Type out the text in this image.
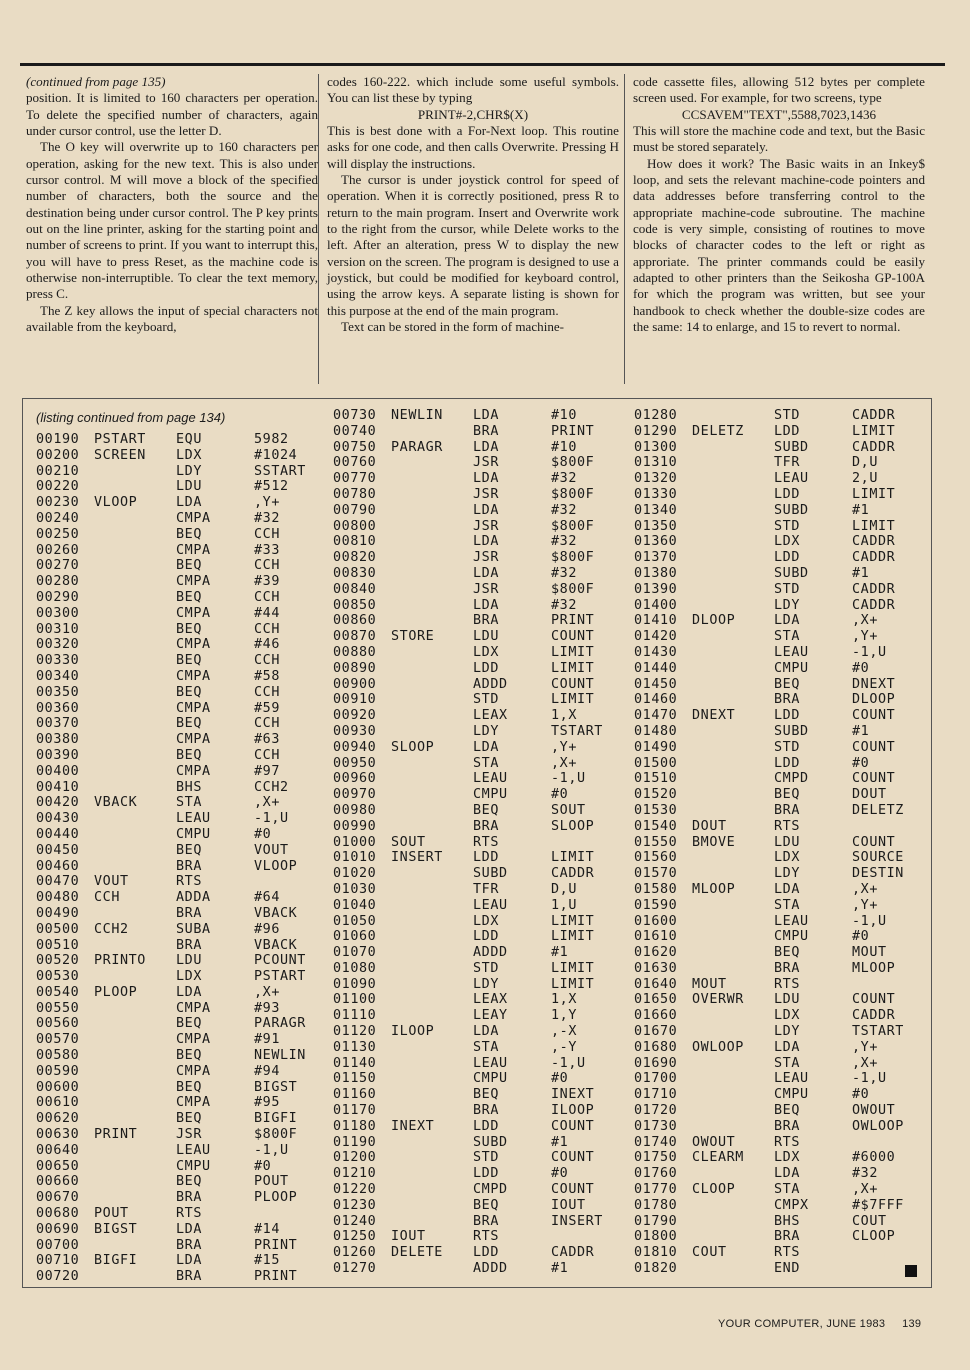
(continued from page 135)

position. It is limited to 160 characters per operation. To delete the specified number of characters, again under cursor control, use the letter D.

The O key will overwrite up to 160 characters per operation, asking for the new text. This is also under cursor control. M will move a block of the specified number of characters, both the source and the destination being under cursor control. The P key prints out on the line printer, asking for the starting point and number of screens to print. If you want to interrupt this, you will have to press Reset, as the machine code is otherwise non-interruptible. To clear the text memory, press C.

The Z key allows the input of special characters not available from the keyboard,

codes 160-222. which include some useful symbols. You can list these by typing

PRINT#-2,CHR$(X)

This is best done with a For-Next loop. This routine asks for one code, and then calls Overwrite. Pressing H will display the instructions.

The cursor is under joystick control for speed of operation. When it is correctly positioned, press R to return to the main program. Insert and Overwrite work to the right from the cursor, while Delete works to the left. After an alteration, press W to display the new version on the screen. The program is designed to use a joystick, but could be modified for keyboard control, using the arrow keys. A separate listing is shown for this purpose at the end of the main program.

Text can be stored in the form of machine-

code cassette files, allowing 512 bytes per complete screen used. For example, for two screens, type

CCSAVEM"TEXT",5588,7023,1436

This will store the machine code and text, but the Basic must be stored separately.

How does it work? The Basic waits in an Inkey$ loop, and sets the relevant machine-code pointers and data addresses before transferring control to the appropriate machine-code subroutine. The machine code is very simple, consisting of routines to move blocks of character codes to the left or right as approriate. The printer commands could be easily adapted to other printers than the Seikosha GP-100A for which the program was written, but see your handbook to check whether the double-size codes are the same: 14 to enlarge, and 15 to revert to normal.

(listing continued from page 134)
00190 PSTART EQU	5982
00200 SCREEN LDX	#1024
00210	LDY	SSTART
00220	LDU	#512
00230 VLOOP	LDA	,Y+
00240	CMPA	#32
00250	BEQ	CCH
00260	CMPA	#33
00270	BEQ	CCH
00280	CMPA	#39
00290	BEQ	CCH
00300	CMPA	#44
00310	BEQ	CCH
00320	CMPA	#46
00330	BEQ	CCH
00340	CMPA	#58
00350	BEQ	CCH
00360	CMPA	#59
00370	BEQ	CCH
00380	CMPA	#63
00390	BEQ	CCH
00400	CMPA	#97
00410	BHS	CCH2
00420 VBACK	STA	,X+
00430	LEAU	-1,U
00440	CMPU	#0
00450	BEQ	VOUT
00460	BRA	VLOOP
00470 VOUT	RTS
00480 CCH	ADDA	#64
00490	BRA	VBACK
00500 CCH2	SUBA	#96
00510	BRA	VBACK
00520 PRINTO LDU	PCOUNT
00530	LDX	PSTART
00540 PLOOP	LDA	,X+
00550	CMPA	#93
00560	BEQ	PARAGR
00570	CMPA	#91
00580	BEQ	NEWLIN
00590	CMPA	#94
00600	BEQ	BIGST
00610	CMPA	#95
00620	BEQ	BIGFI
00630 PRINT	JSR	$800F
00640	LEAU	-1,U
00650	CMPU	#0
00660	BEQ	POUT
00670	BRA	PLOOP
00680 POUT	RTS
00690 BIGST	LDA	#14
00700	BRA	PRINT
00710 BIGFI	LDA	#15
00720	BRA	PRINT
00730 NEWLIN LDA	#10
00740	BRA	PRINT
00750 PARAGR LDA	#10
00760	JSR	$800F
00770	LDA	#32
00780	JSR	$800F
00790	LDA	#32
00800	JSR	$800F
00810	LDA	#32
00820	JSR	$800F
00830	LDA	#32
00840	JSR	$800F
00850	LDA	#32
00860	BRA	PRINT
00870 STORE	LDU	COUNT
00880	LDX	LIMIT
00890	LDD	LIMIT
00900	ADDD	COUNT
00910	STD	LIMIT
00920	LEAX	1,X
00930	LDY	TSTART
00940 SLOOP	LDA	,Y+
00950	STA	,X+
00960	LEAU	-1,U
00970	CMPU	#0
00980	BEQ	SOUT
00990	BRA	SLOOP
01000 SOUT	RTS
01010 INSERT LDD	LIMIT
01020	SUBD	CADDR
01030	TFR	D,U
01040	LEAU	1,U
01050	LDX	LIMIT
01060	LDD	LIMIT
01070	ADDD	#1
01080	STD	LIMIT
01090	LDY	LIMIT
01100	LEAX	1,X
01110	LEAY	1,Y
01120 ILOOP	LDA	,-X
01130	STA	,-Y
01140	LEAU	-1,U
01150	CMPU	#0
01160	BEQ	INEXT
01170	BRA	ILOOP
01180 INEXT	LDD	COUNT
01190	SUBD	#1
01200	STD	COUNT
01210	LDD	#0
01220	CMPD	COUNT
01230	BEQ	IOUT
01240	BRA	INSERT
01250 IOUT	RTS
01260 DELETE LDD	CADDR
01270	ADDD	#1
01280	STD	CADDR
01290 DELETZ LDD	LIMIT
01300	SUBD	CADDR
01310	TFR	D,U
01320	LEAU	2,U
01330	LDD	LIMIT
01340	SUBD	#1
01350	STD	LIMIT
01360	LDX	CADDR
01370	LDD	CADDR
01380	SUBD	#1
01390	STD	CADDR
01400	LDY	CADDR
01410 DLOOP	LDA	,X+
01420	STA	,Y+
01430	LEAU	-1,U
01440	CMPU	#0
01450	BEQ	DNEXT
01460	BRA	DLOOP
01470 DNEXT	LDD	COUNT
01480	SUBD	#1
01490	STD	COUNT
01500	LDD	#0
01510	CMPD	COUNT
01520	BEQ	DOUT
01530	BRA	DELETZ
01540 DOUT	RTS
01550 BMOVE	LDU	COUNT
01560	LDX	SOURCE
01570	LDY	DESTIN
01580 MLOOP	LDA	,X+
01590	STA	,Y+
01600	LEAU	-1,U
01610	CMPU	#0
01620	BEQ	MOUT
01630	BRA	MLOOP
01640 MOUT	RTS
01650 OVERWR LDU	COUNT
01660	LDX	CADDR
01670	LDY	TSTART
01680 OWLOOP LDA	,Y+
01690	STA	,X+
01700	LEAU	-1,U
01710	CMPU	#0
01720	BEQ	OWOUT
01730	BRA	OWLOOP
01740 OWOUT	RTS
01750 CLEARM LDX	#6000
01760	LDA	#32
01770 CLOOP	STA	,X+
01780	CMPX	#$7FFF
01790	BHS	COUT
01800	BRA	CLOOP
01810 COUT	RTS
01820	END
YOUR COMPUTER, JUNE 1983 139
